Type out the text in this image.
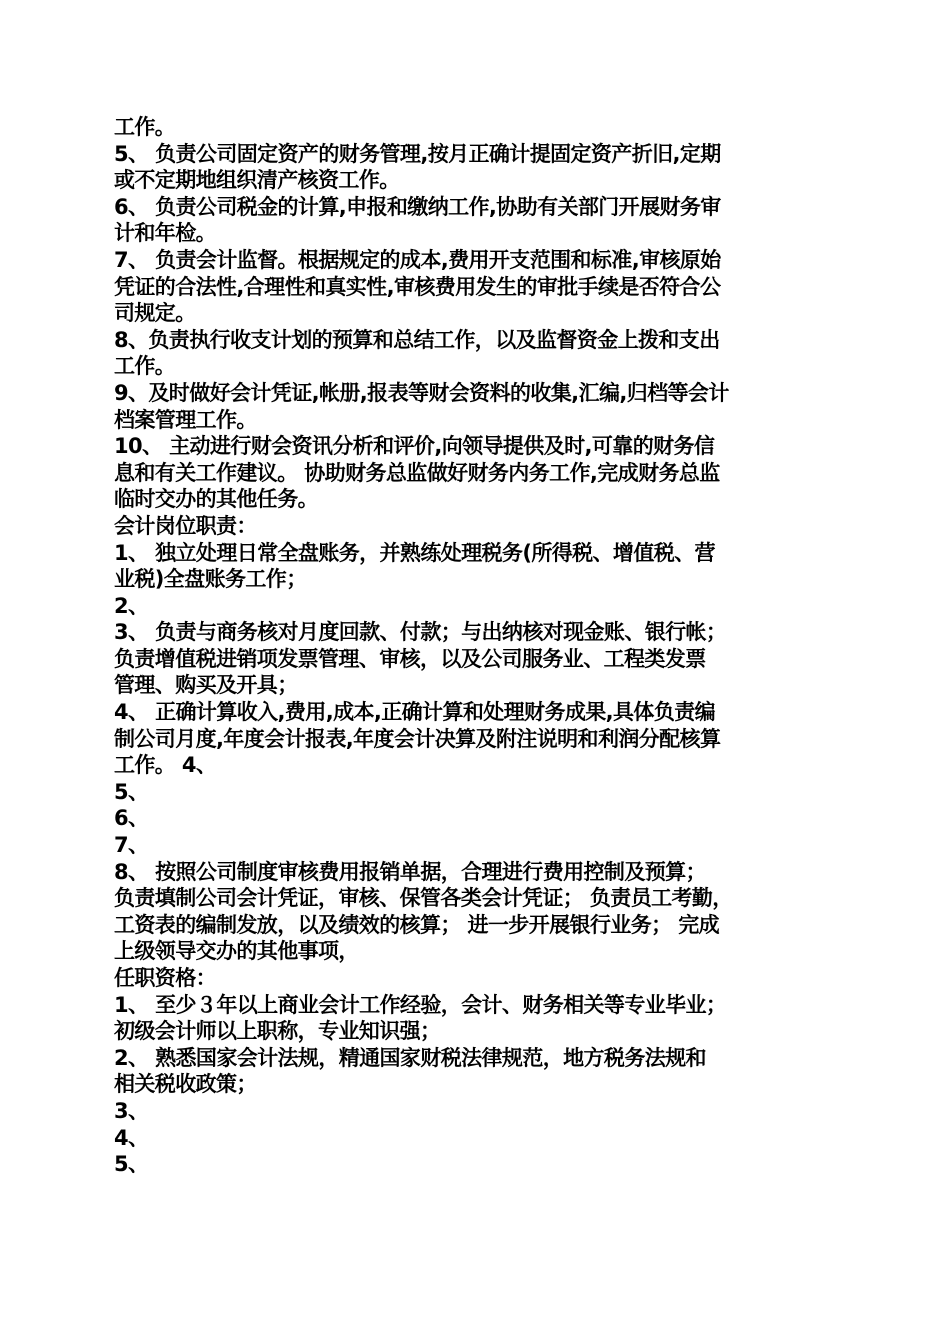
工作。
5、 负责公司固定资产的财务管理,按月正确计提固定资产折旧,定期
或不定期地组织清产核资工作。
6、 负责公司税金的计算,申报和缴纳工作,协助有关部门开展财务审
计和年检。
7、 负责会计监督。根据规定的成本,费用开支范围和标准,审核原始
凭证的合法性,合理性和真实性,审核费用发生的审批手续是否符合公
司规定。
8、负责执行收支计划的预算和总结工作，以及监督资金上拨和支出
工作。
9、及时做好会计凭证,帐册,报表等财会资料的收集,汇编,归档等会计
档案管理工作。
10、 主动进行财会资讯分析和评价,向领导提供及时,可靠的财务信
息和有关工作建议。 协助财务总监做好财务内务工作,完成财务总监
临时交办的其他任务。
会计岗位职责：
1、 独立处理日常全盘账务，并熟练处理税务(所得税、增值税、营
业税)全盘账务工作；
2、
3、 负责与商务核对月度回款、付款；与出纳核对现金账、银行帐；
负责增值税进销项发票管理、审核，以及公司服务业、工程类发票
管理、购买及开具；
4、 正确计算收入,费用,成本,正确计算和处理财务成果,具体负责编
制公司月度,年度会计报表,年度会计决算及附注说明和利润分配核算
工作。 4、
5、
6、
7、
8、 按照公司制度审核费用报销单据，合理进行费用控制及预算；
负责填制公司会计凭证，审核、保管各类会计凭证； 负责员工考勤，
工资表的编制发放，以及绩效的核算； 进一步开展银行业务； 完成
上级领导交办的其他事项，
任职资格：
1、 至少３年以上商业会计工作经验，会计、财务相关等专业毕业；
初级会计师以上职称，专业知识强；
2、 熟悉国家会计法规，精通国家财税法律规范，地方税务法规和
相关税收政策；
3、
4、
5、
